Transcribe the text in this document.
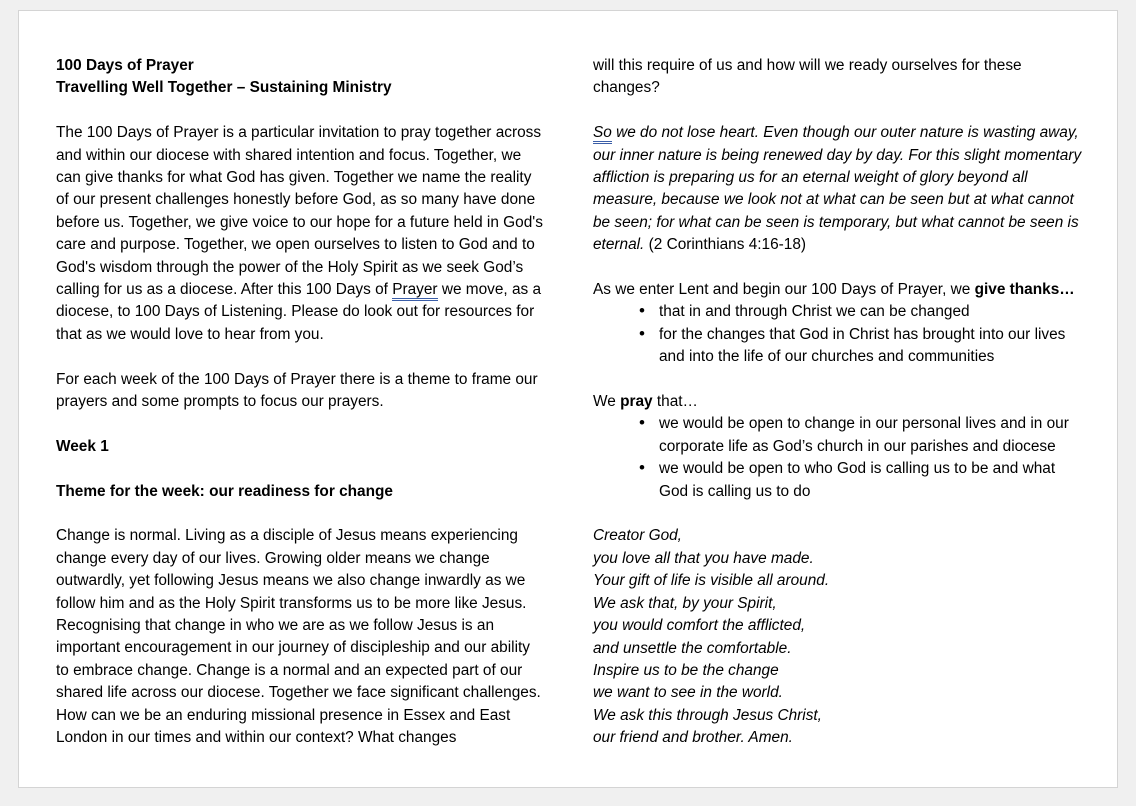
100 Days of Prayer

Travelling Well Together – Sustaining Ministry

The 100 Days of Prayer is a particular invitation to pray together across and within our diocese with shared intention and focus. Together, we can give thanks for what God has given. Together we name the reality of our present challenges honestly before God, as so many have done before us. Together, we give voice to our hope for a future held in God's care and purpose. Together, we open ourselves to listen to God and to God's wisdom through the power of the Holy Spirit as we seek God’s calling for us as a diocese. After this 100 Days of Prayer we move, as a diocese, to 100 Days of Listening. Please do look out for resources for that as we would love to hear from you.

For each week of the 100 Days of Prayer there is a theme to frame our prayers and some prompts to focus our prayers.

Week 1

Theme for the week: our readiness for change

Change is normal. Living as a disciple of Jesus means experiencing change every day of our lives. Growing older means we change outwardly, yet following Jesus means we also change inwardly as we follow him and as the Holy Spirit transforms us to be more like Jesus. Recognising that change in who we are as we follow Jesus is an important encouragement in our journey of discipleship and our ability to embrace change. Change is a normal and an expected part of our shared life across our diocese. Together we face significant challenges. How can we be an enduring missional presence in Essex and East London in our times and within our context? What changes

will this require of us and how will we ready ourselves for these changes?

So we do not lose heart. Even though our outer nature is wasting away, our inner nature is being renewed day by day. For this slight momentary affliction is preparing us for an eternal weight of glory beyond all measure, because we look not at what can be seen but at what cannot be seen; for what can be seen is temporary, but what cannot be seen is eternal. (2 Corinthians 4:16-18)

As we enter Lent and begin our 100 Days of Prayer, we give thanks…

• that in and through Christ we can be changed
• for the changes that God in Christ has brought into our lives and into the life of our churches and communities

We pray that…

• we would be open to change in our personal lives and in our corporate life as God’s church in our parishes and diocese
• we would be open to who God is calling us to be and what God is calling us to do

Creator God,

you love all that you have made.

Your gift of life is visible all around.

We ask that, by your Spirit,

you would comfort the afflicted,

and unsettle the comfortable.

Inspire us to be the change

we want to see in the world.

We ask this through Jesus Christ,

our friend and brother. Amen.
